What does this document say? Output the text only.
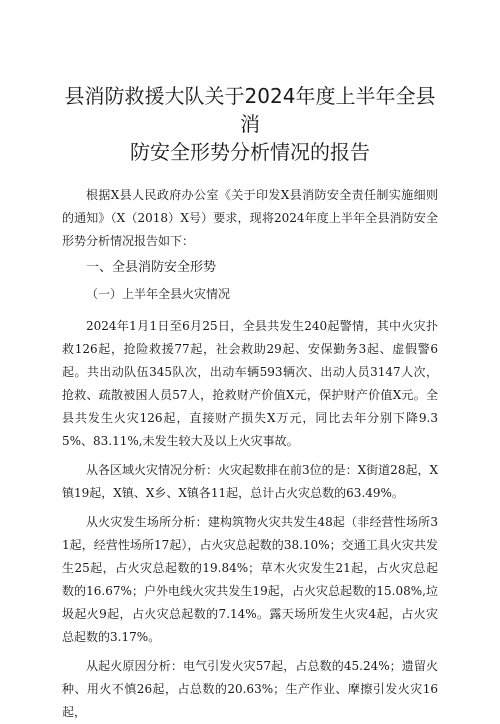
县消防救援大队关于2024年度上半年全县消
防安全形势分析情况的报告

根据X县人民政府办公室《关于印发X县消防安全责任制实施细则的通知》（X（2018）X号）要求，现将2024年度上半年全县消防安全形势分析情况报告如下：

一、全县消防安全形势
（一）上半年全县火灾情况

2024年1月1日至6月25日，全县共发生240起警情，其中火灾扑救126起，抢险救援77起，社会救助29起、安保勤务3起、虚假警6起。共出动队伍345队次，出动车辆593辆次、出动人员3147人次，抢救、疏散被困人员57人，抢救财产价值X元，保护财产价值X元。全县共发生火灾126起，直接财产损失X万元，同比去年分别下降9.35%、83.11%,未发生较大及以上火灾事故。

从各区域火灾情况分析：火灾起数排在前3位的是：X街道28起，X镇19起，X镇、X乡、X镇各11起，总计占火灾总数的63.49%。

从火灾发生场所分析：建构筑物火灾共发生48起（非经营性场所31起，经营性场所17起），占火灾总起数的38.10%；交通工具火灾共发生25起，占火灾总起数的19.84%；草木火灾发生21起，占火灾总起数的16.67%；户外电线火灾共发生19起，占火灾总起数的15.08%,垃圾起火9起，占火灾总起数的7.14%。露天场所发生火灾4起，占火灾总起数的3.17%。

从起火原因分析：电气引发火灾57起，占总数的45.24%；遗留火种、用火不慎26起，占总数的20.63%；生产作业、摩擦引发火灾16起，
